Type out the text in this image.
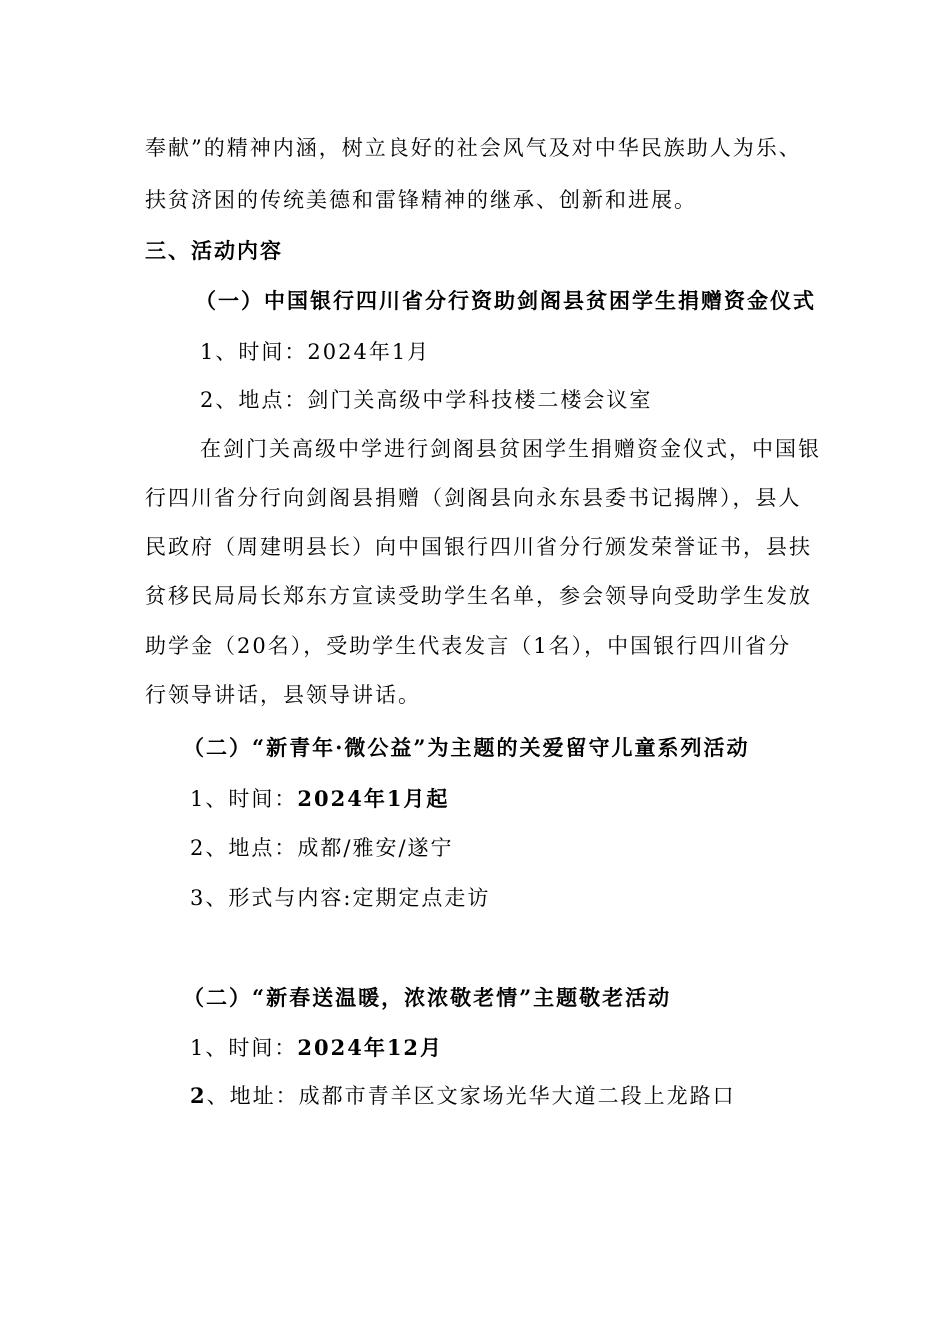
奉献”的精神内涵，树立良好的社会风气及对中华民族助人为乐、
扶贫济困的传统美德和雷锋精神的继承、创新和进展。
三、活动内容
（一）中国银行四川省分行资助剑阁县贫困学生捐赠资金仪式
1、时间：2024年1月
2、地点：剑门关高级中学科技楼二楼会议室
在剑门关高级中学进行剑阁县贫困学生捐赠资金仪式，中国银
行四川省分行向剑阁县捐赠（剑阁县向永东县委书记揭牌），县人
民政府（周建明县长）向中国银行四川省分行颁发荣誉证书，县扶
贫移民局局长郑东方宣读受助学生名单，参会领导向受助学生发放
助学金（20名），受助学生代表发言（1名），中国银行四川省分
行领导讲话，县领导讲话。
（二）“新青年·微公益”为主题的关爱留守儿童系列活动
1、时间：2024年1月起
2、地点：成都/雅安/遂宁
3、形式与内容:定期定点走访
（二）“新春送温暖，浓浓敬老情”主题敬老活动
1、时间：2024年12月
2、地址：成都市青羊区文家场光华大道二段上龙路口
